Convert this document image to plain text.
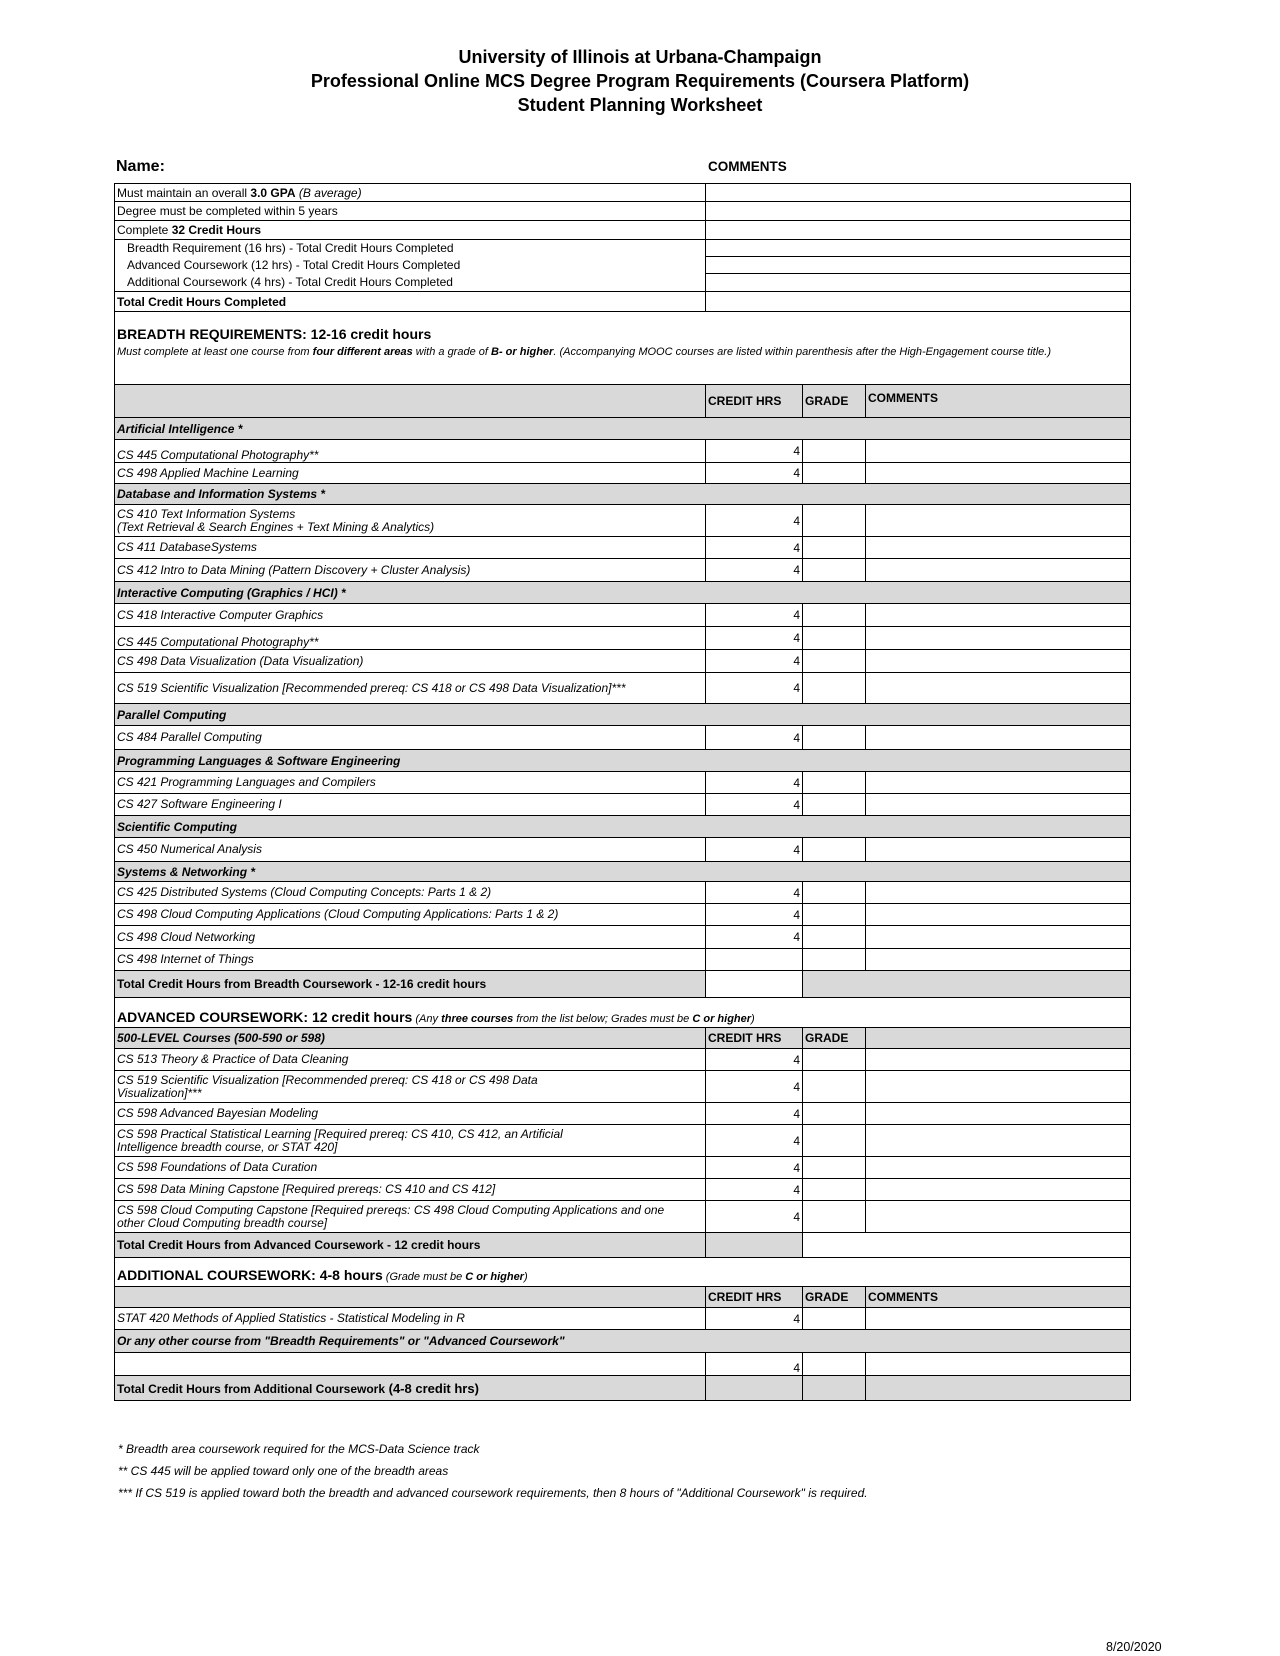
University of Illinois at Urbana-Champaign
Professional Online MCS Degree Program Requirements (Coursera Platform)
Student Planning Worksheet
Name:	COMMENTS
Must maintain an overall 3.0 GPA (B average)			
Degree must be completed within 5 years			
Complete 32 Credit Hours			
Breadth Requirement (16 hrs) - Total Credit Hours Completed			
Advanced Coursework (12 hrs) - Total Credit Hours Completed			
Additional Coursework (4 hrs) - Total Credit Hours Completed			
Total Credit Hours Completed			

BREADTH REQUIREMENTS: 12-16 credit hours
Must complete at least one course from four different areas with a grade of B- or higher. (Accompanying MOOC courses are listed within parenthesis after the High-Engagement course title.)			

	CREDIT HRS	GRADE	COMMENTS
Artificial Intelligence *			
CS 445 Computational Photography**	4		
CS 498 Applied Machine Learning	4		
Database and Information Systems *			

CS 410 Text Information Systems
(Text Retrieval & Search Engines + Text Mining & Analytics)	4		
CS 411 DatabaseSystems	4		
CS 412 Intro to Data Mining (Pattern Discovery + Cluster Analysis)	4		
Interactive Computing (Graphics / HCI) *			
CS 418 Interactive Computer Graphics	4		
CS 445 Computational Photography**	4		
CS 498 Data Visualization (Data Visualization)	4		
CS 519 Scientific Visualization [Recommended prereq: CS 418 or CS 498 Data Visualization]***	4		
Parallel Computing			
CS 484 Parallel Computing	4		
Programming Languages & Software Engineering			
CS 421 Programming Languages and Compilers	4		
CS 427 Software Engineering I	4		
Scientific Computing			
CS 450 Numerical Analysis	4		
Systems & Networking *			
CS 425 Distributed Systems (Cloud Computing Concepts: Parts 1 & 2)	4		
CS 498 Cloud Computing Applications (Cloud Computing Applications: Parts 1 & 2)	4		
CS 498 Cloud Networking	4		
CS 498 Internet of Things			
Total Credit Hours from Breadth Coursework - 12-16 credit hours			
ADVANCED COURSEWORK: 12 credit hours (Any three courses from the list below; Grades must be C or higher)			
500-LEVEL Courses (500-590 or 598)	CREDIT HRS	GRADE	
CS 513 Theory & Practice of Data Cleaning	4		

CS 519 Scientific Visualization [Recommended prereq: CS 418 or CS 498 Data
Visualization]***	4		
CS 598 Advanced Bayesian Modeling	4		

CS 598 Practical Statistical Learning [Required prereq: CS 410, CS 412, an Artificial
Intelligence breadth course, or STAT 420]	4		
CS 598 Foundations of Data Curation	4		
CS 598 Data Mining Capstone [Required prereqs: CS 410 and CS 412]	4		

CS 598 Cloud Computing Capstone [Required prereqs: CS 498 Cloud Computing Applications and one
other Cloud Computing breadth course]	4		
Total Credit Hours from Advanced Coursework - 12 credit hours			
ADDITIONAL COURSEWORK: 4-8 hours (Grade must be C or higher)			
	CREDIT HRS	GRADE	COMMENTS
STAT 420 Methods of Applied Statistics - Statistical Modeling in R	4		
Or any other course from "Breadth Requirements" or "Advanced Coursework"			
	4		
Total Credit Hours from Additional Coursework (4-8 credit hrs)			
* Breadth area coursework required for the MCS-Data Science track
** CS 445 will be applied toward only one of the breadth areas
*** If CS 519 is applied toward both the breadth and advanced coursework requirements, then 8 hours of "Additional Coursework" is required.
8/20/2020
